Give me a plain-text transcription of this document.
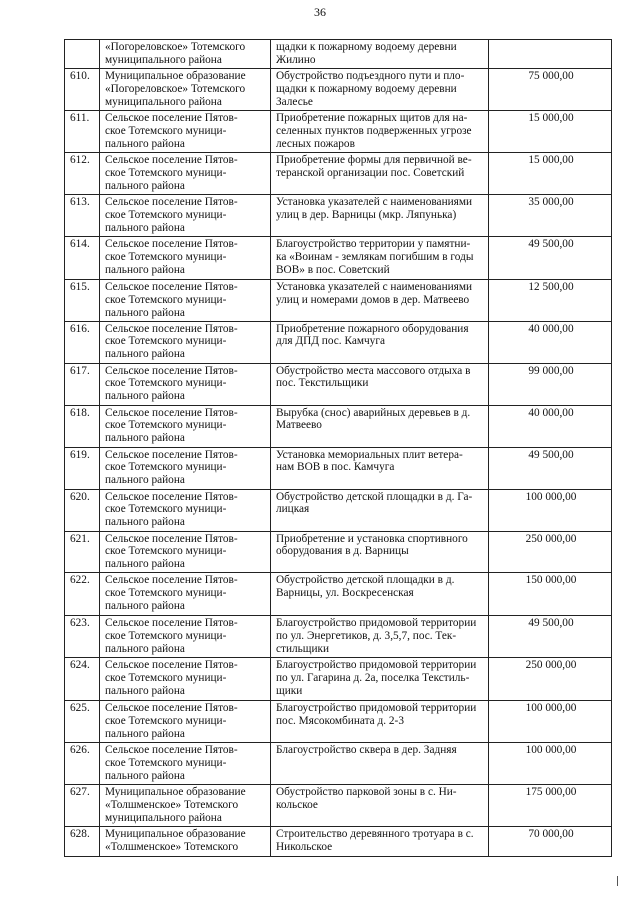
36

	«Погореловское» Тотемского
муниципального района	щадки к пожарному водоему деревни
Жилино	

610.	Муниципальное образование
«Погореловское» Тотемского
муниципального района	Обустройство подъездного пути и пло-
щадки к пожарному водоему деревни
Залесье	75 000,00

611.	Сельское поселение Пятов-
ское Тотемского муници-
пального района	Приобретение пожарных щитов для на-
селенных пунктов подверженных угрозе
лесных пожаров	15 000,00

612.	Сельское поселение Пятов-
ское Тотемского муници-
пального района	Приобретение формы для первичной ве-
теранской организации пос. Советский	15 000,00

613.	Сельское поселение Пятов-
ское Тотемского муници-
пального района	Установка указателей с наименованиями
улиц в дер. Варницы (мкр. Ляпунька)	35 000,00

614.	Сельское поселение Пятов-
ское Тотемского муници-
пального района	Благоустройство территории у памятни-
ка «Воинам - землякам погибшим в годы
ВОВ» в пос. Советский	49 500,00

615.	Сельское поселение Пятов-
ское Тотемского муници-
пального района	Установка указателей с наименованиями
улиц и номерами домов в дер. Матвеево	12 500,00

616.	Сельское поселение Пятов-
ское Тотемского муници-
пального района	Приобретение пожарного оборудования
для ДПД пос. Камчуга	40 000,00

617.	Сельское поселение Пятов-
ское Тотемского муници-
пального района	Обустройство места массового отдыха в
пос. Текстильщики	99 000,00

618.	Сельское поселение Пятов-
ское Тотемского муници-
пального района	Вырубка (снос) аварийных деревьев в д.
Матвеево	40 000,00

619.	Сельское поселение Пятов-
ское Тотемского муници-
пального района	Установка мемориальных плит ветера-
нам ВОВ в пос. Камчуга	49 500,00

620.	Сельское поселение Пятов-
ское Тотемского муници-
пального района	Обустройство детской площадки в д. Га-
лицкая	100 000,00

621.	Сельское поселение Пятов-
ское Тотемского муници-
пального района	Приобретение и установка спортивного
оборудования в д. Варницы	250 000,00

622.	Сельское поселение Пятов-
ское Тотемского муници-
пального района	Обустройство детской площадки в д.
Варницы, ул. Воскресенская	150 000,00

623.	Сельское поселение Пятов-
ское Тотемского муници-
пального района	Благоустройство придомовой территории
по ул. Энергетиков, д. 3,5,7, пос. Тек-
стильщики	49 500,00

624.	Сельское поселение Пятов-
ское Тотемского муници-
пального района	Благоустройство придомовой территории
по ул. Гагарина д. 2а, поселка Текстиль-
щики	250 000,00

625.	Сельское поселение Пятов-
ское Тотемского муници-
пального района	Благоустройство придомовой территории
пос. Мясокомбината д. 2-3	100 000,00

626.	Сельское поселение Пятов-
ское Тотемского муници-
пального района	Благоустройство сквера в дер. Задняя	100 000,00

627.	Муниципальное образование
«Толшменское» Тотемского
муниципального района	Обустройство парковой зоны в с. Ни-
кольское	175 000,00

628.	Муниципальное образование
«Толшменское» Тотемского	Строительство деревянного тротуара в с.
Никольское	70 000,00
